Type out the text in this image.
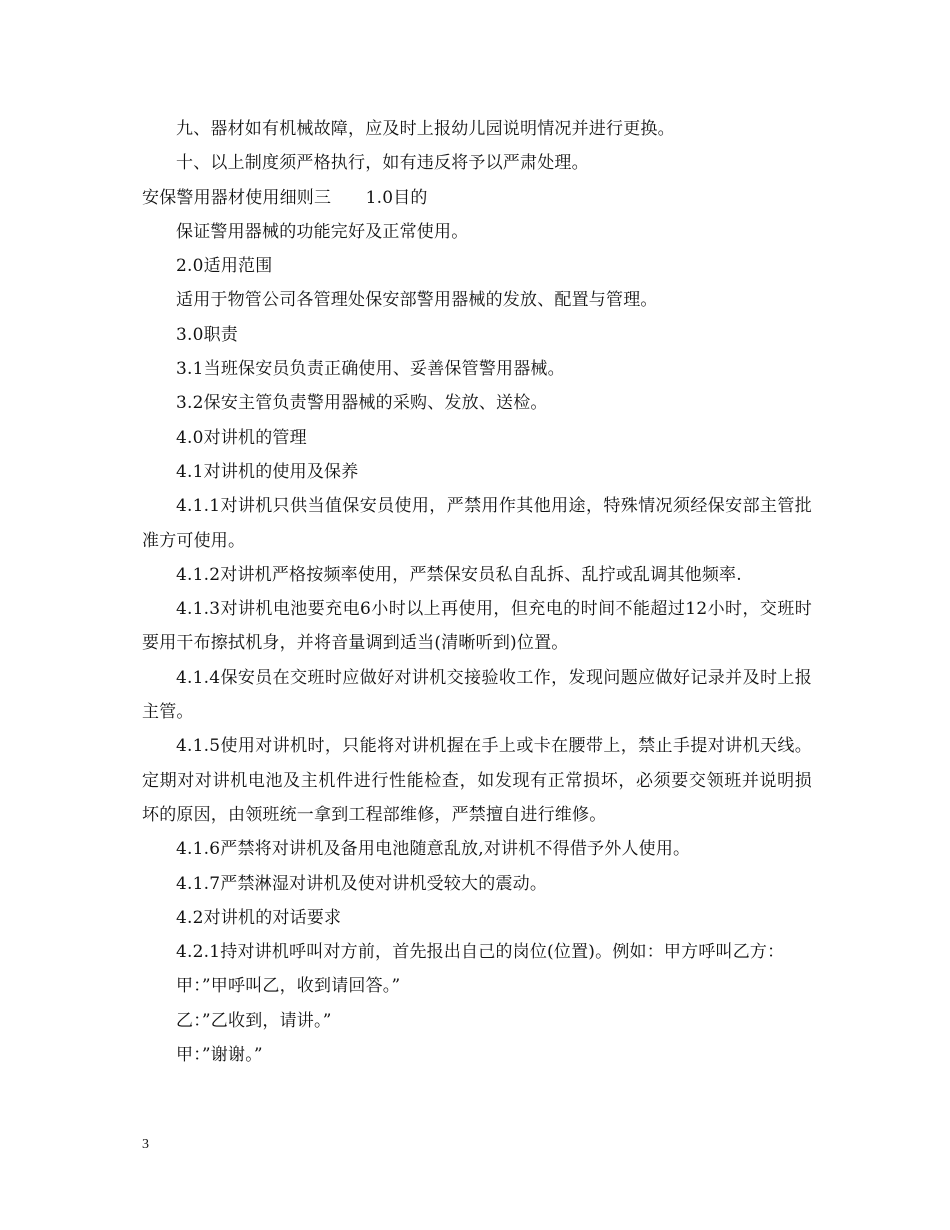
九、器材如有机械故障，应及时上报幼儿园说明情况并进行更换。

十、以上制度须严格执行，如有违反将予以严肃处理。

安保警用器材使用细则三　　1.0目的

保证警用器械的功能完好及正常使用。

2.0适用范围

适用于物管公司各管理处保安部警用器械的发放、配置与管理。

3.0职责

3.1当班保安员负责正确使用、妥善保管警用器械。

3.2保安主管负责警用器械的采购、发放、送检。

4.0对讲机的管理

4.1对讲机的使用及保养

4.1.1对讲机只供当值保安员使用，严禁用作其他用途，特殊情况须经保安部主管批准方可使用。

4.1.2对讲机严格按频率使用，严禁保安员私自乱拆、乱拧或乱调其他频率.

4.1.3对讲机电池要充电6小时以上再使用，但充电的时间不能超过12小时，交班时要用干布擦拭机身，并将音量调到适当(清晰听到)位置。

4.1.4保安员在交班时应做好对讲机交接验收工作，发现问题应做好记录并及时上报主管。

4.1.5使用对讲机时，只能将对讲机握在手上或卡在腰带上，禁止手提对讲机天线。定期对对讲机电池及主机件进行性能检查，如发现有正常损坏，必须要交领班并说明损坏的原因，由领班统一拿到工程部维修，严禁擅自进行维修。

4.1.6严禁将对讲机及备用电池随意乱放,对讲机不得借予外人使用。

4.1.7严禁淋湿对讲机及使对讲机受较大的震动。

4.2对讲机的对话要求

4.2.1持对讲机呼叫对方前，首先报出自己的岗位(位置)。例如：甲方呼叫乙方：

甲：”甲呼叫乙，收到请回答。”

乙：”乙收到，请讲。”

甲：”谢谢。”

3
